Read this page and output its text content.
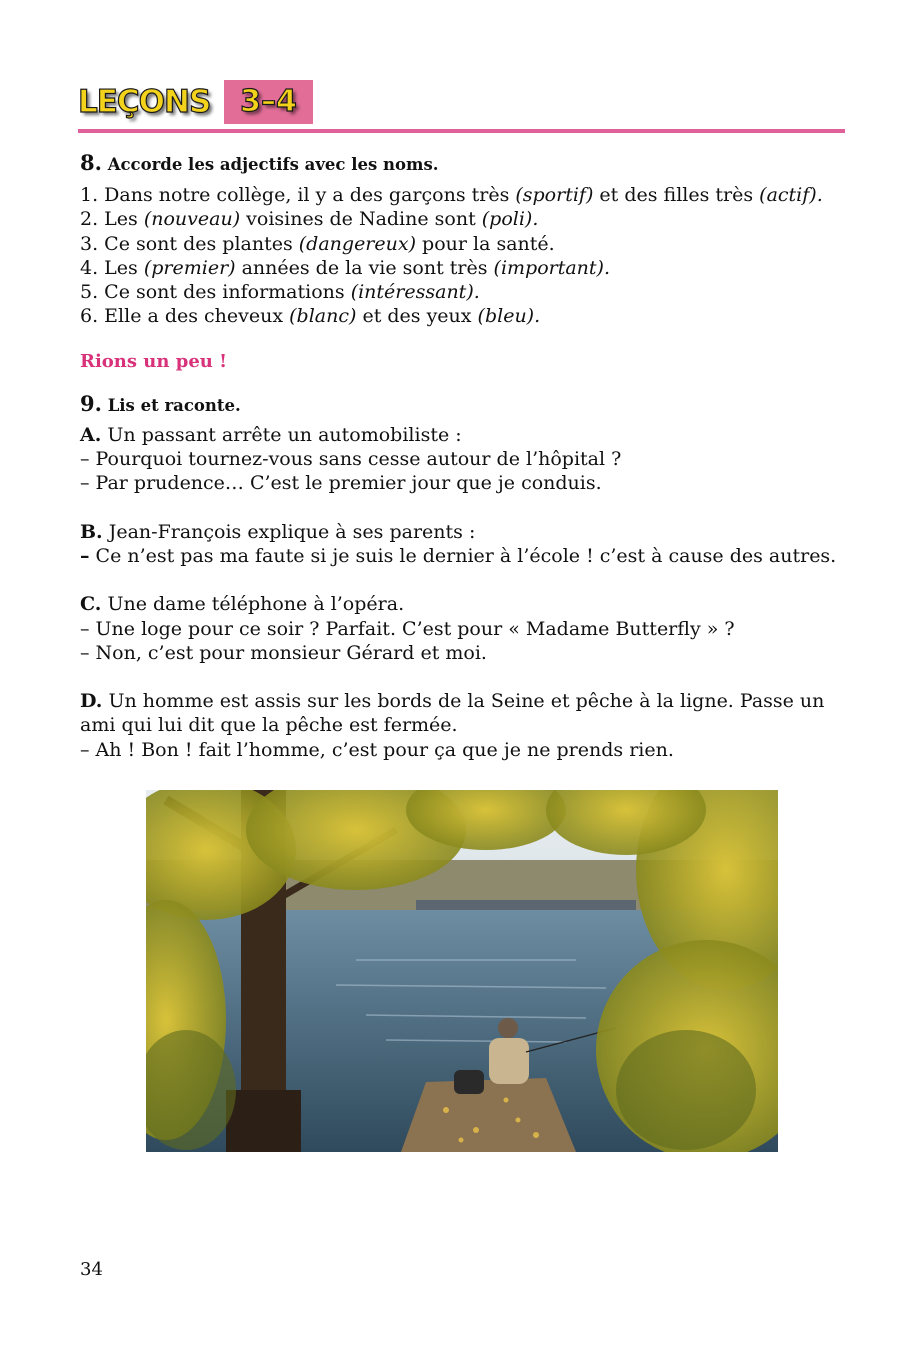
LEÇONS 3–4

8. Accorde les adjectifs avec les noms.

1. Dans notre collège, il y a des garçons très (sportif) et des filles très (actif).

2. Les (nouveau) voisines de Nadine sont (poli).

3. Ce sont des plantes (dangereux) pour la santé.

4. Les (premier) années de la vie sont très (important).

5. Ce sont des informations (intéressant).

6. Elle a des cheveux (blanc) et des yeux (bleu).

Rions un peu !

9. Lis et raconte.

A. Un passant arrête un automobiliste :

– Pourquoi tournez-vous sans cesse autour de l’hôpital ?

– Par prudence… C’est le premier jour que je conduis.

B. Jean-François explique à ses parents :

– Ce n’est pas ma faute si je suis le dernier à l’école ! c’est à cause des autres.

C. Une dame téléphone à l’opéra.

– Une loge pour ce soir ? Parfait. C’est pour « Madame Butterfly » ?

– Non, c’est pour monsieur Gérard et moi.

D. Un homme est assis sur les bords de la Seine et pêche à la ligne. Passe un ami qui lui dit que la pêche est fermée.

– Ah ! Bon ! fait l’homme, c’est pour ça que je ne prends rien.

34
